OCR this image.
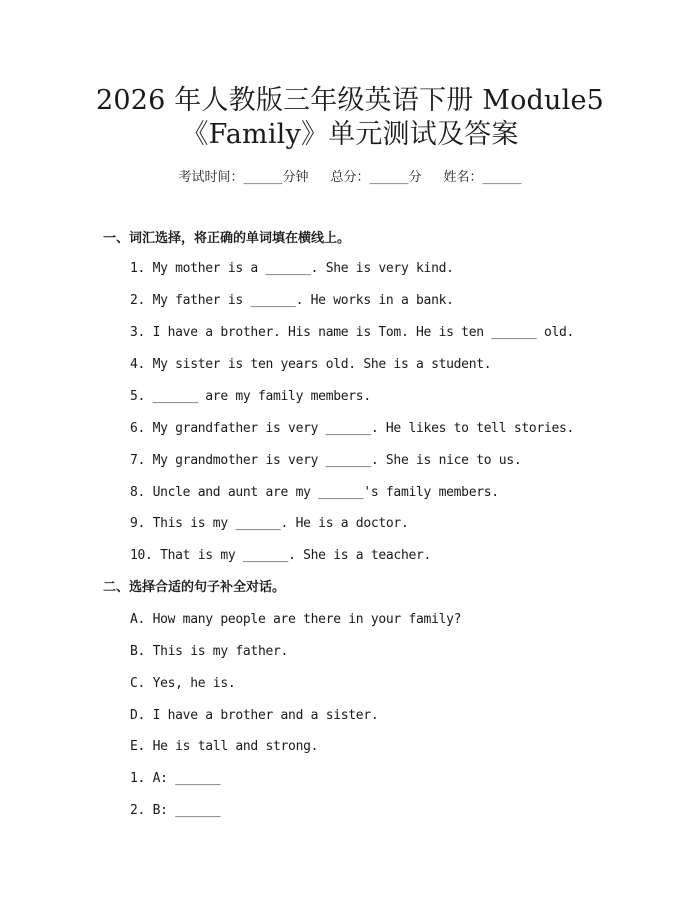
2026 年人教版三年级英语下册 Module5
《Family》单元测试及答案
考试时间：______分钟 总分：______分 姓名：______
一、词汇选择，将正确的单词填在横线上。
1. My mother is a ______. She is very kind.
2. My father is ______. He works in a bank.
3. I have a brother. His name is Tom. He is ten ______ old.
4. My sister is ten years old. She is a student.
5. ______ are my family members.
6. My grandfather is very ______. He likes to tell stories.
7. My grandmother is very ______. She is nice to us.
8. Uncle and aunt are my ______'s family members.
9. This is my ______. He is a doctor.
10. That is my ______. She is a teacher.
二、选择合适的句子补全对话。
A. How many people are there in your family?
B. This is my father.
C. Yes, he is.
D. I have a brother and a sister.
E. He is tall and strong.
1. A: ______
2. B: ______
